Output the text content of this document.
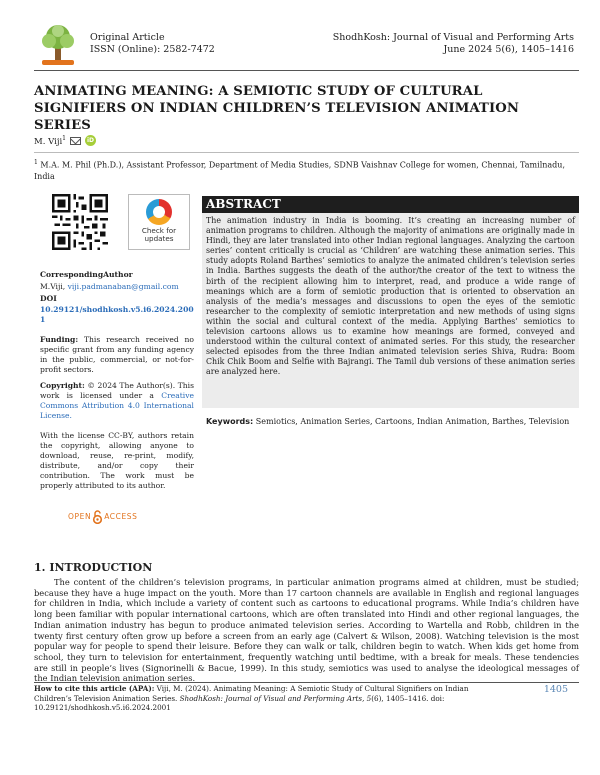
Original Article
ISSN (Online): 2582-7472
ShodhKosh: Journal of Visual and Performing Arts
June 2024 5(6), 1405–1416
ANIMATING MEANING: A SEMIOTIC STUDY OF CULTURAL SIGNIFIERS ON INDIAN CHILDREN’S TELEVISION ANIMATION SERIES
M. Viji$^1$	iD
$^1$ M.A. M. Phil (Ph.D.), Assistant Professor, Department of Media Studies, SDNB Vaishnav College for women, Chennai, Tamilnadu, India
Check for updates
CorrespondingAuthor
M.Viji, viji.padmanaban@gmail.com
DOI
10.29121/shodhkosh.v5.i6.2024.2001
Funding: This research received no specific grant from any funding agency in the public, commercial, or not-for-profit sectors.
Copyright: © 2024 The Author(s). This work is licensed under a Creative Commons Attribution 4.0 International License.
With the license CC-BY, authors retain the copyright, allowing anyone to download, reuse, re-print, modify, distribute, and/or copy their contribution. The work must be properly attributed to its author.
OPEN ACCESS
ABSTRACT
The animation industry in India is booming. It’s creating an increasing number of animation programs to children. Although the majority of animations are originally made in Hindi, they are later translated into other Indian regional languages. Analyzing the cartoon series’ content critically is crucial as ‘Children’ are watching these animation series. This study adopts Roland Barthes’ semiotics to analyze the animated children’s television series in India. Barthes suggests the death of the author/the creator of the text to witness the birth of the recipient allowing him to interpret, read, and produce a wide range of meanings which are a form of semiotic production that is oriented to observation an analysis of the media’s messages and discussions to open the eyes of the semiotic researcher to the complexity of semiotic interpretation and new methods of using signs within the social and cultural context of the media. Applying Barthes’ semiotics to television cartoons allows us to examine how meanings are formed, conveyed and understood within the cultural context of animated series. For this study, the researcher selected episodes from the three Indian animated television series Shiva, Rudra: Boom Chik Chik Boom and Selfie with Bajrangi. The Tamil dub versions of these animation series are analyzed here.
Keywords: Semiotics, Animation Series, Cartoons, Indian Animation, Barthes, Television
1. INTRODUCTION
The content of the children’s television programs, in particular animation programs aimed at children, must be studied; because they have a huge impact on the youth. More than 17 cartoon channels are available in English and regional languages for children in India, which include a variety of content such as cartoons to educational programs. While India’s children have long been familiar with popular international cartoons, which are often translated into Hindi and other regional languages, the Indian animation industry has begun to produce animated television series. According to Wartella and Robb, children in the twenty first century often grow up before a screen from an early age (Calvert & Wilson, 2008). Watching television is the most popular way for people to spend their leisure. Before they can walk or talk, children begin to watch. When kids get home from school, they turn to television for entertainment, frequently watching until bedtime, with a break for meals. These tendencies are still in people’s lives (Signorinelli & Bacue, 1999). In this study, semiotics was used to analyse the ideological messages of the Indian television animation series.
How to cite this article (APA): Viji, M. (2024). Animating Meaning: A Semiotic Study of Cultural Signifiers on Indian Children’s Television Animation Series. ShodhKosh: Journal of Visual and Performing Arts, 5(6), 1405–1416. doi: 10.29121/shodhkosh.v5.i6.2024.2001
1405
